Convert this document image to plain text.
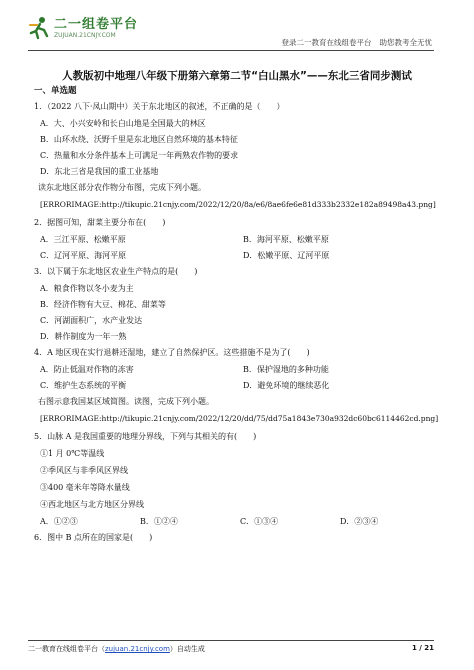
二一组卷平台
ZUJUAN.21CNJY.COM
登录二一教育在线组卷平台 助您教考全无忧
人教版初中地理八年级下册第六章第二节“白山黑水”——东北三省同步测试
一、单选题
1．（2022 八下·凤山期中）关于东北地区的叙述，不正确的是（　　）
A．大、小兴安岭和长白山地是全国最大的林区
B．山环水绕、沃野千里是东北地区自然环境的基本特征
C．热量和水分条件基本上可满足一年两熟农作物的要求
D．东北三省是我国的重工业基地
读东北地区部分农作物分布图，完成下列小题。
[ERRORIMAGE:http://tikupic.21cnjy.com/2022/12/20/8a/e6/8ae6fe6e81d333b2332e182a89498a43.png]
2．据图可知，甜菜主要分布在(　　)
A．三江平原、松嫩平原	B．海河平原、松嫩平原
C．辽河平原、海河平原	D．松嫩平原、辽河平原
3．以下属于东北地区农业生产特点的是(　　)
A．粮食作物以冬小麦为主
B．经济作物有大豆、棉花、甜菜等
C．河湖面积广，水产业发达
D．耕作制度为一年一熟
4．A 地区现在实行退耕还湿地，建立了自然保护区。这些措施不是为了(　　)
A．防止低温对作物的冻害	B．保护湿地的多种功能
C．维护生态系统的平衡	D．避免环境的继续恶化
右图示意我国某区域简图。读图，完成下列小题。
[ERRORIMAGE:http://tikupic.21cnjy.com/2022/12/20/dd/75/dd75a1843e730a932dc60bc6114462cd.png]
5．山脉 A 是我国重要的地理分界线，下列与其相关的有(　　)
①1 月 0℃等温线
②季风区与非季风区界线
③400 毫米年等降水量线
④西北地区与北方地区分界线
A．①②③	B．①②④	C．①③④	D．②③④
6．图中 B 点所在的国家是(　　)
二一教育在线组卷平台（zujuan.21cnjy.com）自动生成	1 / 21
